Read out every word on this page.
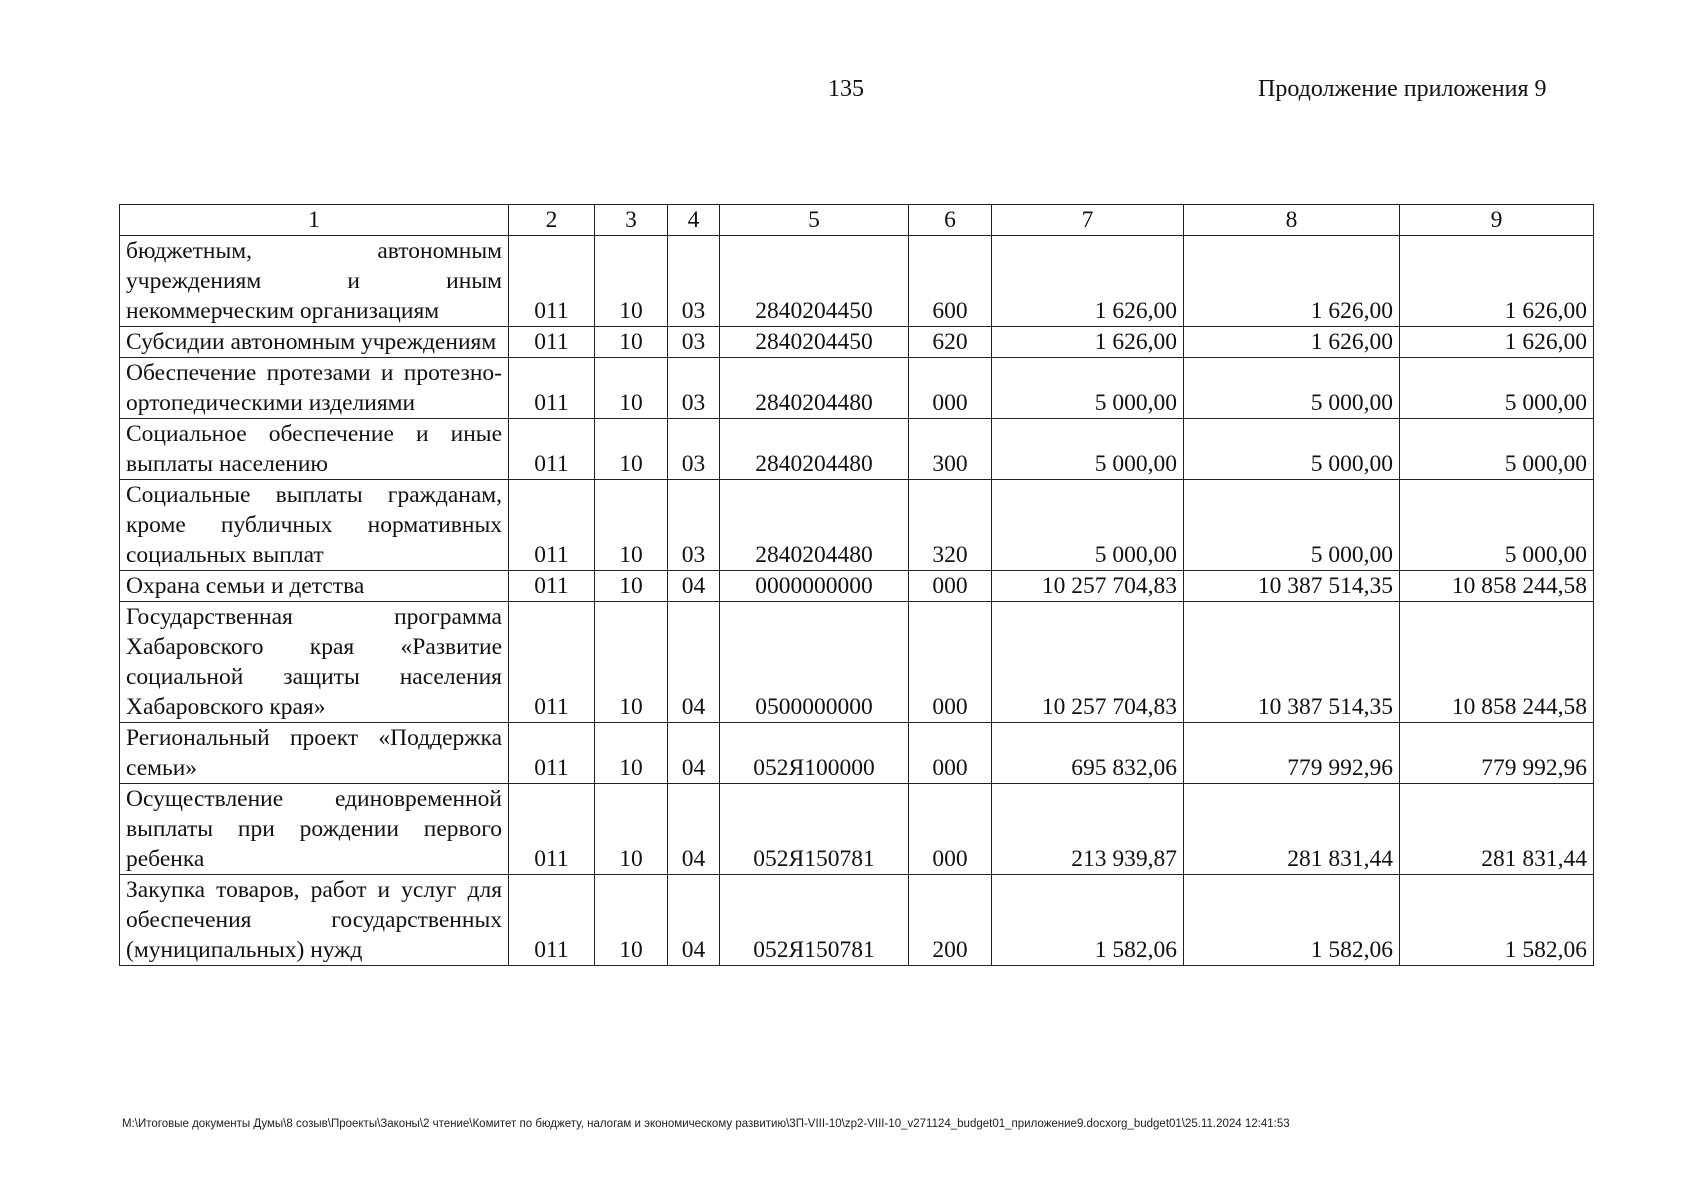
135	Продолжение приложения 9
1	2	3	4	5	6	7	8	9
бюджетным, автономным учреждениям и иным некоммерческим организациям	011	10	03	2840204450	600	1 626,00	1 626,00	1 626,00
Субсидии автономным учреждениям	011	10	03	2840204450	620	1 626,00	1 626,00	1 626,00
Обеспечение протезами и протезно-ортопедическими изделиями	011	10	03	2840204480	000	5 000,00	5 000,00	5 000,00
Социальное обеспечение и иные выплаты населению	011	10	03	2840204480	300	5 000,00	5 000,00	5 000,00
Социальные выплаты гражданам, кроме публичных нормативных социальных выплат	011	10	03	2840204480	320	5 000,00	5 000,00	5 000,00
Охрана семьи и детства	011	10	04	0000000000	000	10 257 704,83	10 387 514,35	10 858 244,58
Государственная программа Хабаровского края «Развитие социальной защиты населения Хабаровского края»	011	10	04	0500000000	000	10 257 704,83	10 387 514,35	10 858 244,58
Региональный проект «Поддержка семьи»	011	10	04	052Я100000	000	695 832,06	779 992,96	779 992,96
Осуществление единовременной выплаты при рождении первого ребенка	011	10	04	052Я150781	000	213 939,87	281 831,44	281 831,44
Закупка товаров, работ и услуг для обеспечения государственных (муниципальных) нужд	011	10	04	052Я150781	200	1 582,06	1 582,06	1 582,06
M:\Итоговые документы Думы\8 созыв\Проекты\Законы\2 чтение\Комитет по бюджету, налогам и экономическому развитию\3П-VIII-10\zp2-VIII-10_v271124_budget01_приложение9.docxorg_budget01\25.11.2024 12:41:53
